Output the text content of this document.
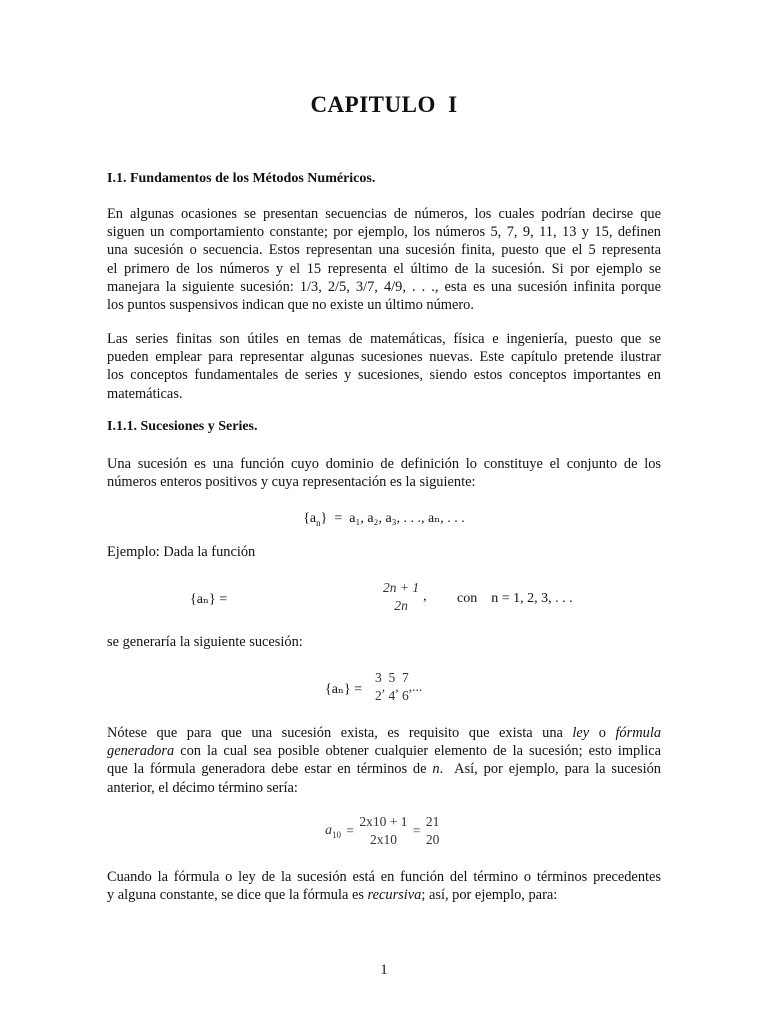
CAPITULO I
I.1. Fundamentos de los Métodos Numéricos.
En algunas ocasiones se presentan secuencias de números, los cuales podrían decirse que
siguen un comportamiento constante; por ejemplo, los números 5, 7, 9, 11, 13 y 15, definen
una sucesión o secuencia. Estos representan una sucesión finita, puesto que el 5 representa
el primero de los números y el 15 representa el último de la sucesión. Si por ejemplo se
manejara la siguiente sucesión: 1/3, 2/5, 3/7, 4/9, . . ., esta es una sucesión infinita porque
los puntos suspensivos indican que no existe un último número.
Las series finitas son útiles en temas de matemáticas, física e ingeniería, puesto que se
pueden emplear para representar algunas sucesiones nuevas. Este capítulo pretende ilustrar
los conceptos fundamentales de series y sucesiones, siendo estos conceptos importantes en
matemáticas.
I.1.1. Sucesiones y Series.
Una sucesión es una función cuyo dominio de definición lo constituye el conjunto de los
números enteros positivos y cuya representación es la siguiente:
$\{a_n\} = a_1$, a₂, a₃, . . ., aₙ, . . .
Ejemplo: Dada la función
{aₙ} =
2n + 1
2n
, con    n = 1, 2, 3, . . .
se generaría la siguiente sucesión:
{aₙ} =
3
2
,
5
4
,
7
6
,...
Nótese que para que una sucesión exista, es requisito que exista una ley o fórmula
generadora con la cual sea posible obtener cualquier elemento de la sucesión; esto implica
que la fórmula generadora debe estar en términos de n.  Así, por ejemplo, para la sucesión
anterior, el décimo término sería:
$a_{10}$ =
2x10 + 1
2x10
=
21
20
Cuando la fórmula o ley de la sucesión está en función del término o términos precedentes
y alguna constante, se dice que la fórmula es recursiva; así, por ejemplo, para:
1
